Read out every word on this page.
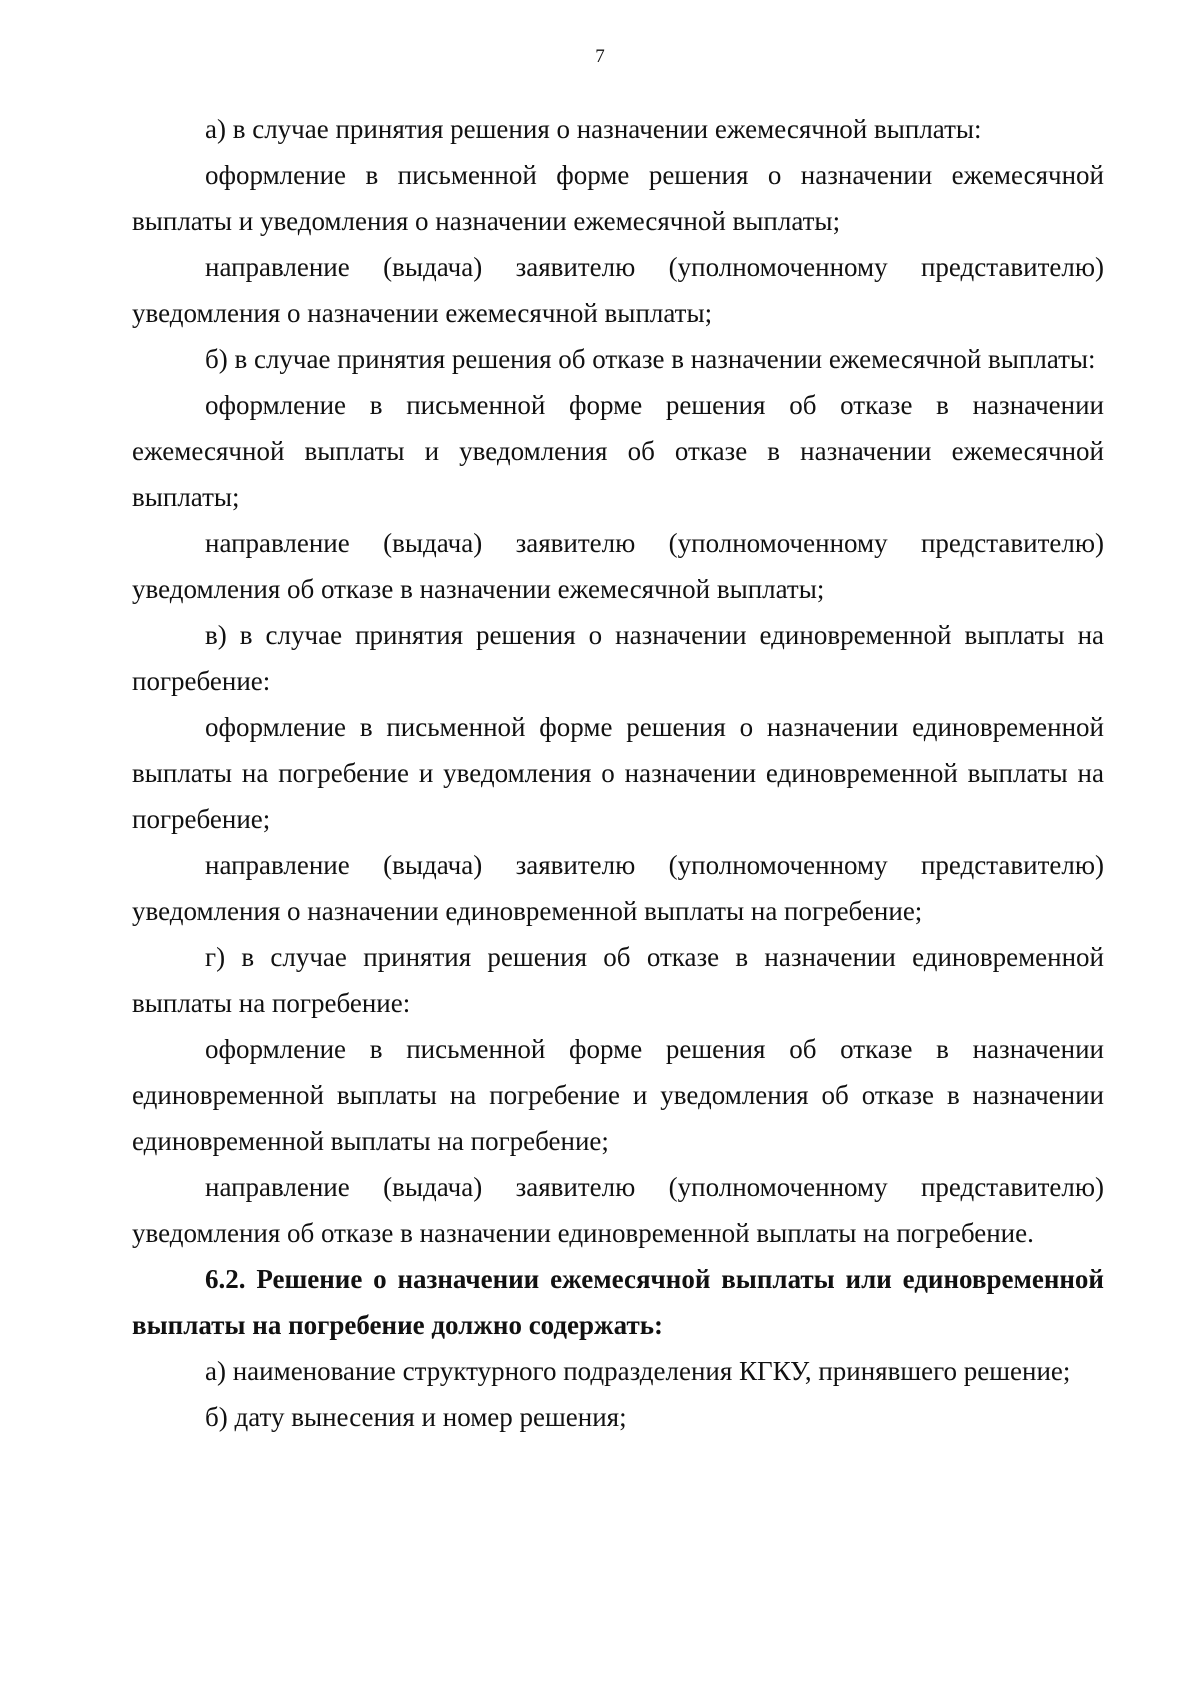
7

а) в случае принятия решения о назначении ежемесячной выплаты:

оформление в письменной форме решения о назначении ежемесячной выплаты и уведомления о назначении ежемесячной выплаты;

направление (выдача) заявителю (уполномоченному представителю) уведомления о назначении ежемесячной выплаты;

б) в случае принятия решения об отказе в назначении ежемесячной выплаты:

оформление в письменной форме решения об отказе в назначении ежемесячной выплаты и уведомления об отказе в назначении ежемесячной выплаты;

направление (выдача) заявителю (уполномоченному представителю) уведомления об отказе в назначении ежемесячной выплаты;

в) в случае принятия решения о назначении единовременной выплаты на погребение:

оформление в письменной форме решения о назначении единовременной выплаты на погребение и уведомления о назначении единовременной выплаты на погребение;

направление (выдача) заявителю (уполномоченному представителю) уведомления о назначении единовременной выплаты на погребение;

г) в случае принятия решения об отказе в назначении единовременной выплаты на погребение:

оформление в письменной форме решения об отказе в назначении единовременной выплаты на погребение и уведомления об отказе в назначении единовременной выплаты на погребение;

направление (выдача) заявителю (уполномоченному представителю) уведомления об отказе в назначении единовременной выплаты на погребение.

6.2. Решение о назначении ежемесячной выплаты или единовременной выплаты на погребение должно содержать:

а) наименование структурного подразделения КГКУ, принявшего решение;

б) дату вынесения и номер решения;
